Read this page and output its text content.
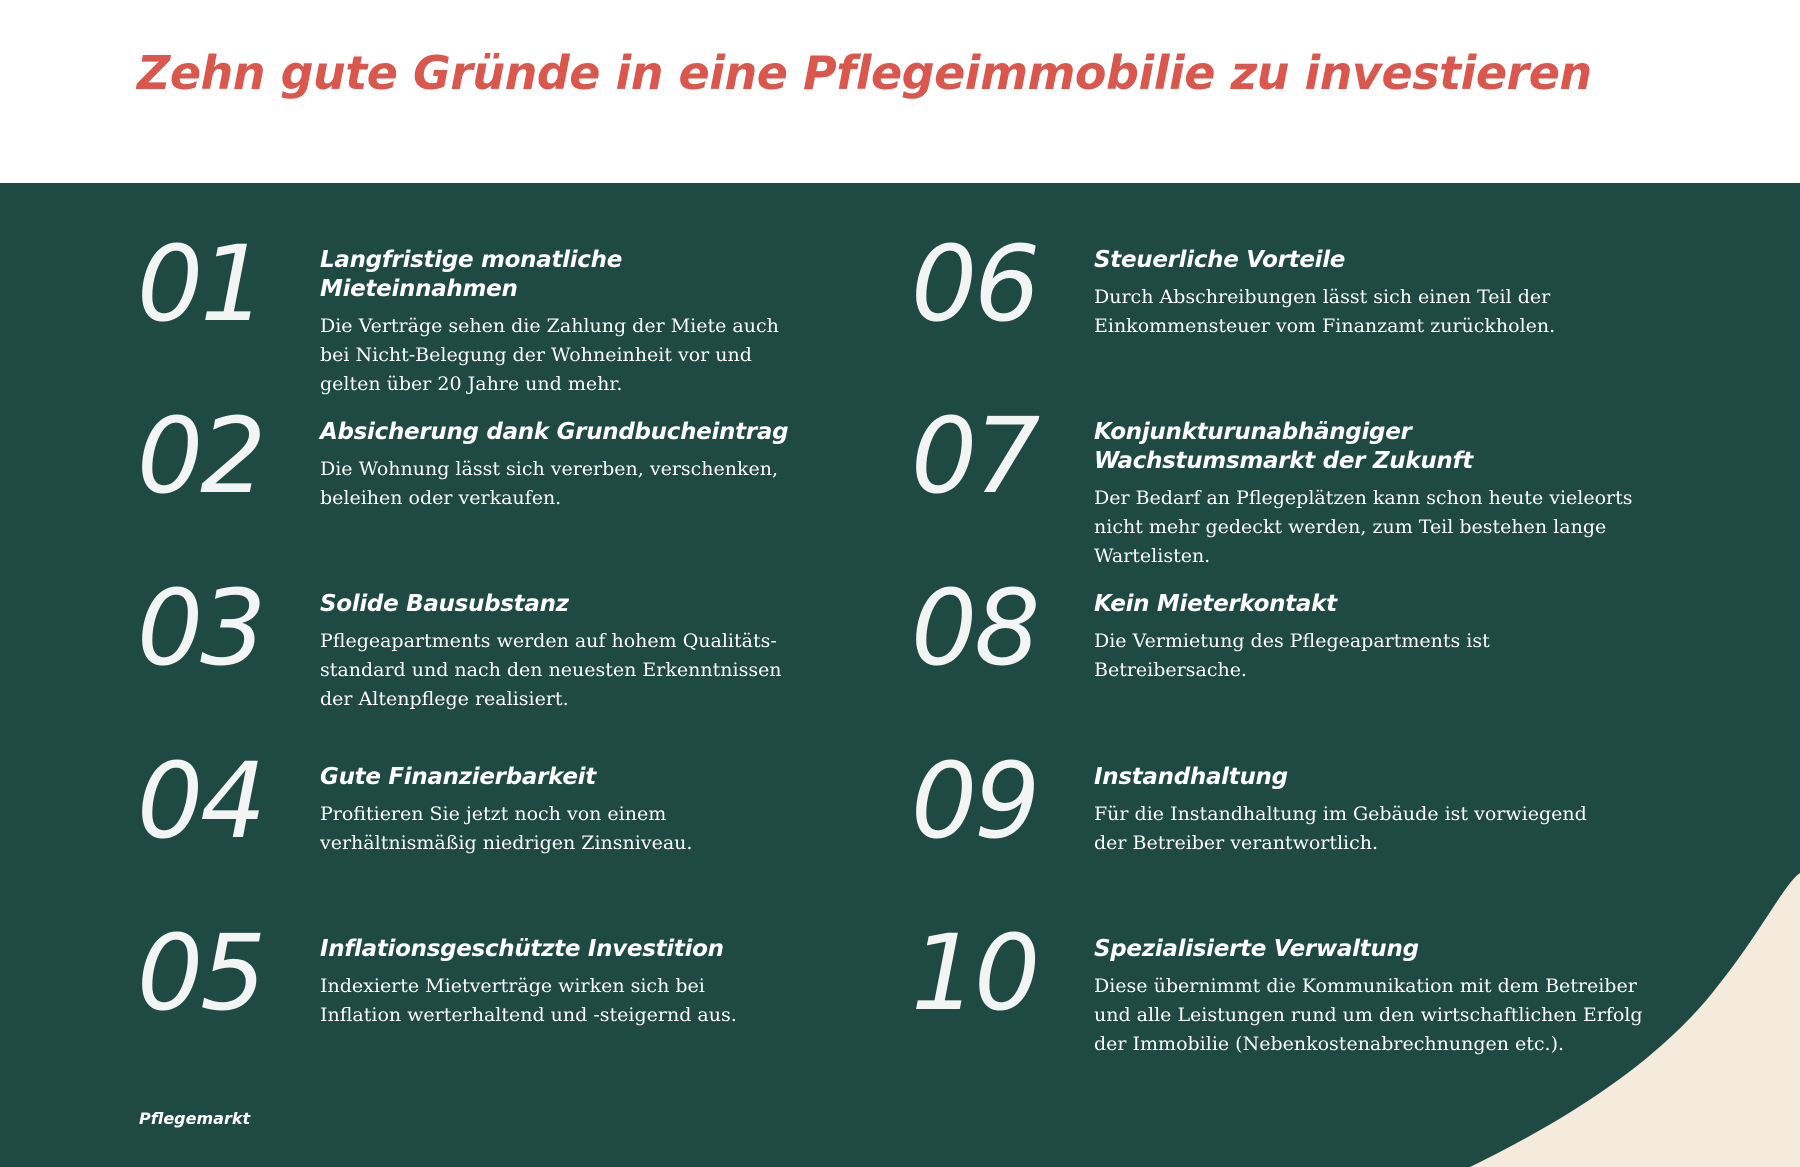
Zehn gute Gründe in eine Pflegeimmobilie zu investieren
01 Langfristige monatliche Mieteinnahmen

Die Verträge sehen die Zahlung der Miete auch bei Nicht-Belegung der Wohneinheit vor und gelten über 20 Jahre und mehr.

02 Absicherung dank Grundbucheintrag

Die Wohnung lässt sich vererben, verschenken, beleihen oder verkaufen.

03 Solide Bausubstanz

Pflegeapartments werden auf hohem Qualitäts-standard und nach den neuesten Erkenntnissen der Altenpflege realisiert.

04 Gute Finanzierbarkeit

Profitieren Sie jetzt noch von einem verhältnismäßig niedrigen Zinsniveau.

05 Inflationsgeschützte Investition

Indexierte Mietverträge wirken sich bei Inflation werterhaltend und -steigernd aus.

06 Steuerliche Vorteile

Durch Abschreibungen lässt sich einen Teil der Einkommensteuer vom Finanzamt zurückholen.

07 Konjunkturunabhängiger Wachstumsmarkt der Zukunft

Der Bedarf an Pflegeplätzen kann schon heute vieleorts nicht mehr gedeckt werden, zum Teil bestehen lange Wartelisten.

08 Kein Mieterkontakt

Die Vermietung des Pflegeapartments ist Betreibersache.

09 Instandhaltung

Für die Instandhaltung im Gebäude ist vorwiegend der Betreiber verantwortlich.

10 Spezialisierte Verwaltung

Diese übernimmt die Kommunikation mit dem Betreiber und alle Leistungen rund um den wirtschaftlichen Erfolg der Immobilie (Nebenkostenabrechnungen etc.).

Pflegemarkt
